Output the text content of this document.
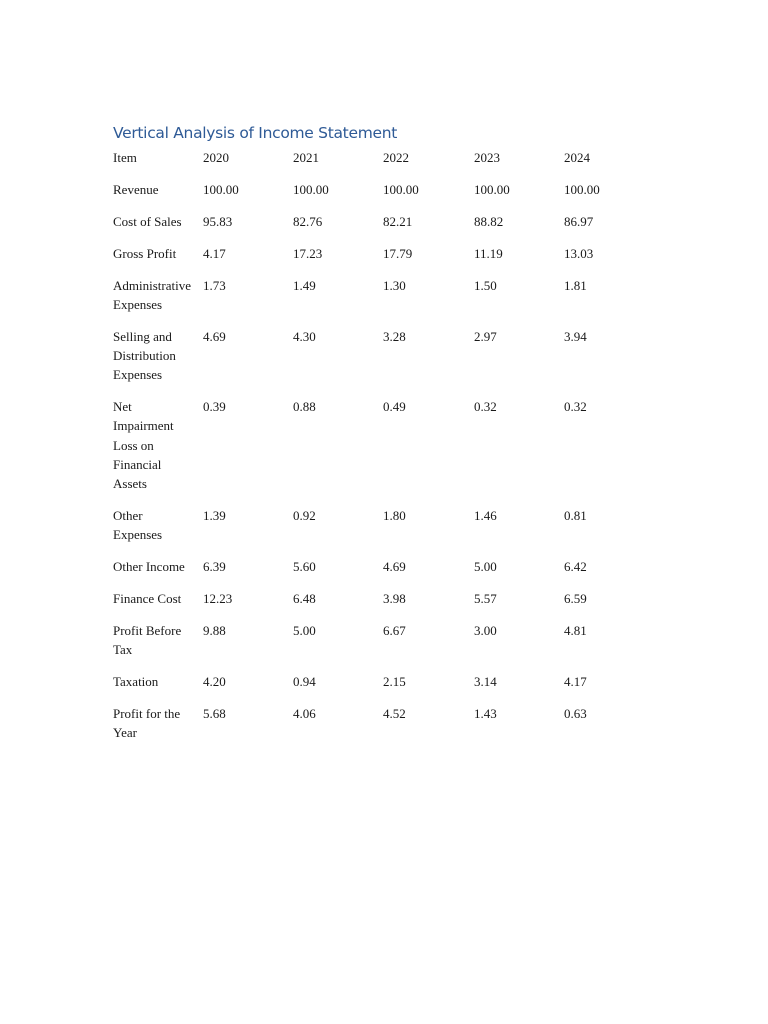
Vertical Analysis of Income Statement
Item	2020	2021	2022	2023	2024
Revenue	100.00	100.00	100.00	100.00	100.00
Cost of Sales	95.83	82.76	82.21	88.82	86.97
Gross Profit	4.17	17.23	17.79	11.19	13.03
Administrative Expenses	1.73	1.49	1.30	1.50	1.81
Selling and Distribution Expenses	4.69	4.30	3.28	2.97	3.94
Net Impairment Loss on Financial Assets	0.39	0.88	0.49	0.32	0.32
Other Expenses	1.39	0.92	1.80	1.46	0.81
Other Income	6.39	5.60	4.69	5.00	6.42
Finance Cost	12.23	6.48	3.98	5.57	6.59
Profit Before Tax	9.88	5.00	6.67	3.00	4.81
Taxation	4.20	0.94	2.15	3.14	4.17
Profit for the Year	5.68	4.06	4.52	1.43	0.63
